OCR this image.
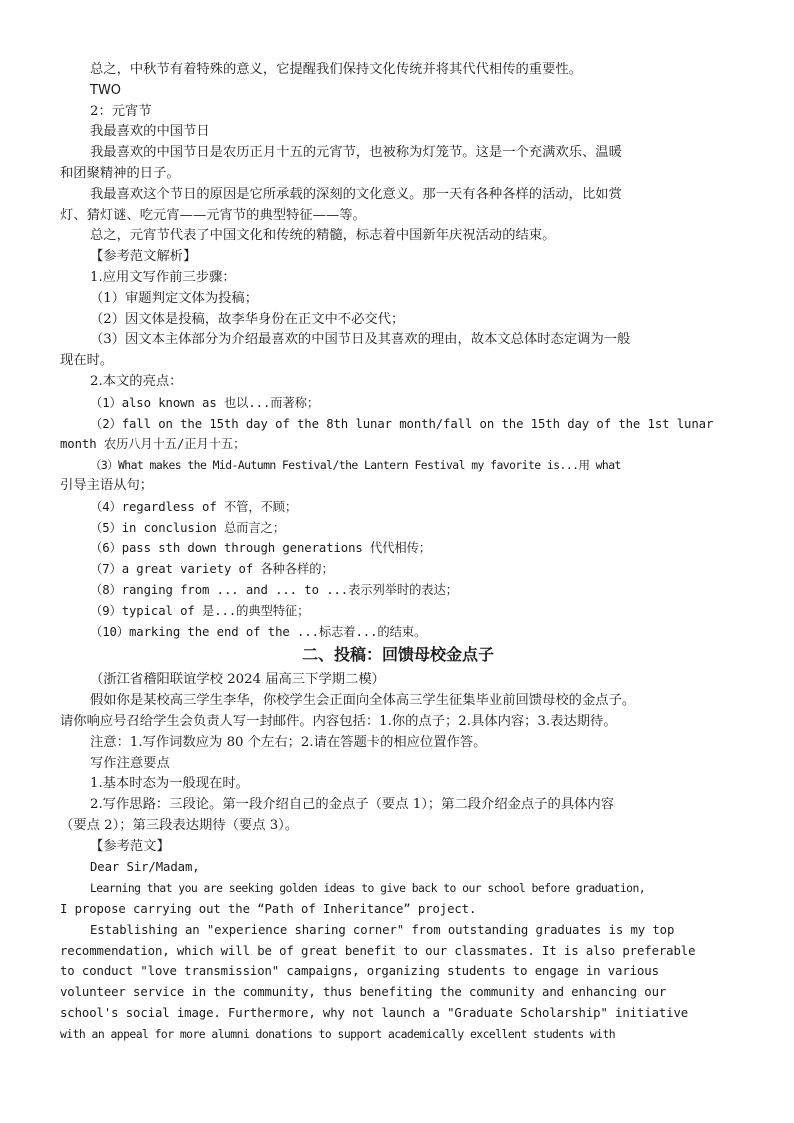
总之，中秋节有着特殊的意义，它提醒我们保持文化传统并将其代代相传的重要性。
TWO
2：元宵节
我最喜欢的中国节日
我最喜欢的中国节日是农历正月十五的元宵节，也被称为灯笼节。这是一个充满欢乐、温暖
和团聚精神的日子。
我最喜欢这个节日的原因是它所承载的深刻的文化意义。那一天有各种各样的活动，比如赏
灯、猜灯谜、吃元宵——元宵节的典型特征——等。
总之，元宵节代表了中国文化和传统的精髓，标志着中国新年庆祝活动的结束。
【参考范文解析】
1.应用文写作前三步骤：
（1）审题判定文体为投稿；
（2）因文体是投稿，故李华身份在正文中不必交代；
（3）因文本主体部分为介绍最喜欢的中国节日及其喜欢的理由，故本文总体时态定调为一般
现在时。
2.本文的亮点：
（1）also known as 也以...而著称；
（2）fall on the 15th day of the 8th lunar month/fall on the 15th day of the 1st lunar
month 农历八月十五/正月十五；
（3）What makes the Mid-Autumn Festival/the Lantern Festival my favorite is...用 what
引导主语从句；
（4）regardless of 不管，不顾；
（5）in conclusion 总而言之；
（6）pass sth down through generations 代代相传；
（7）a great variety of 各种各样的；
（8）ranging from ... and ... to ...表示列举时的表达；
（9）typical of 是...的典型特征；
（10）marking the end of the ...标志着...的结束。
二、投稿：回馈母校金点子
（浙江省稽阳联谊学校 2024 届高三下学期二模）
假如你是某校高三学生李华，你校学生会正面向全体高三学生征集毕业前回馈母校的金点子。
请你响应号召给学生会负责人写一封邮件。内容包括：1.你的点子；2.具体内容；3.表达期待。
注意：1.写作词数应为 80 个左右；2.请在答题卡的相应位置作答。
写作注意要点
1.基本时态为一般现在时。
2.写作思路：三段论。第一段介绍自己的金点子（要点 1）；第二段介绍金点子的具体内容
（要点 2）；第三段表达期待（要点 3）。
【参考范文】
Dear Sir/Madam,
Learning that you are seeking golden ideas to give back to our school before graduation,
I propose carrying out the “Path of Inheritance” project.
Establishing an "experience sharing corner" from outstanding graduates is my top
recommendation, which will be of great benefit to our classmates. It is also preferable
to conduct "love transmission" campaigns, organizing students to engage in various
volunteer service in the community, thus benefiting the community and enhancing our
school's social image. Furthermore, why not launch a "Graduate Scholarship" initiative
with an appeal for more alumni donations to support academically excellent students with
